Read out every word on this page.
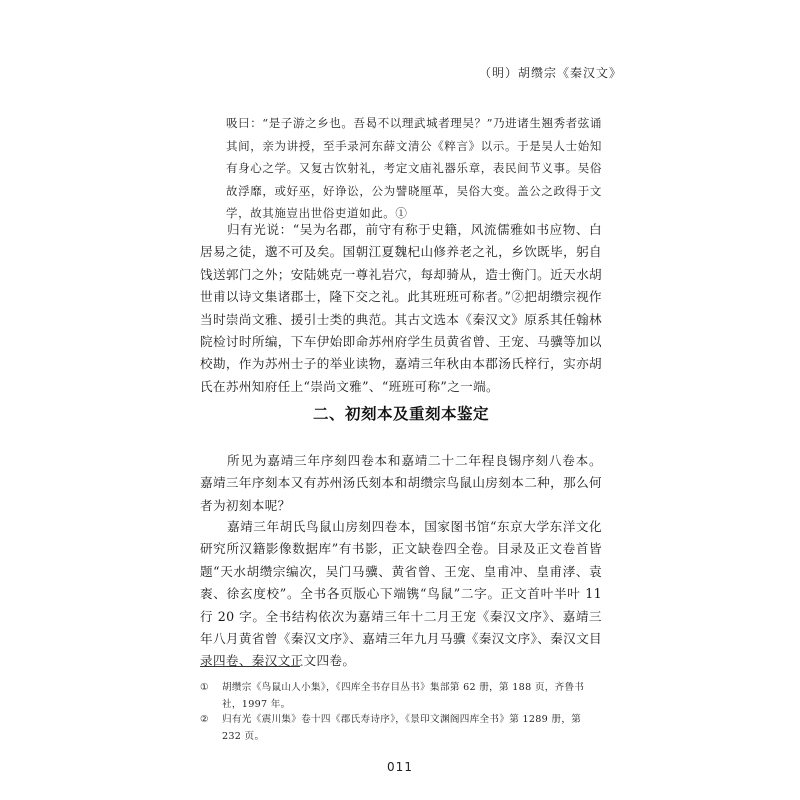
（明）胡缵宗《秦汉文》

吸曰：“是子游之乡也。吾曷不以理武城者理吴？”乃进诸生翘秀者弦诵其间，亲为讲授，至手录河东薛文清公《粹言》以示。于是吴人士始知有身心之学。又复古饮射礼，考定文庙礼器乐章，表民间节义事。吴俗故浮靡，或好巫，好诤讼，公为譬晓厘革，吴俗大变。盖公之政得于文学，故其施豈出世俗吏道如此。①

归有光说：“吴为名郡，前守有称于史籍，风流儒雅如书应物、白居易之徒，邈不可及矣。国朝江夏魏杞山修养老之礼，乡饮既毕，躬自饯送郭门之外；安陆姚克一尊礼岩穴，每却骑从，造士衡门。近天水胡世甫以诗文集诸郡士，隆下交之礼。此其班班可称者。”②把胡缵宗视作当时崇尚文雅、援引士类的典范。其古文选本《秦汉文》原系其任翰林院检讨时所编，下车伊始即命苏州府学生员黄省曾、王宠、马骥等加以校勘，作为苏州士子的举业读物，嘉靖三年秋由本郡汤氏梓行，实亦胡氏在苏州知府任上“崇尚文雅”、“班班可称”之一端。

二、初刻本及重刻本鉴定

所见为嘉靖三年序刻四卷本和嘉靖二十二年程良锡序刻八卷本。嘉靖三年序刻本又有苏州汤氏刻本和胡缵宗鸟鼠山房刻本二种，那么何者为初刻本呢？

嘉靖三年胡氏鸟鼠山房刻四卷本，国家图书馆“东京大学东洋文化研究所汉籍影像数据库”有书影，正文缺卷四全卷。目录及正文卷首皆题“天水胡缵宗编次，吴门马骥、黄省曾、王宠、皇甫冲、皇甫涍、袁袠、徐玄度校”。全书各页版心下端镌“鸟鼠”二字。正文首叶半叶 11 行 20 字。全书结构依次为嘉靖三年十二月王宠《秦汉文序》、嘉靖三年八月黄省曾《秦汉文序》、嘉靖三年九月马骥《秦汉文序》、秦汉文目录四卷、秦汉文正文四卷。

①	胡缵宗《鸟鼠山人小集》，《四库全书存目丛书》集部第 62 册，第 188 页，齐鲁书社，1997 年。
②	归有光《震川集》卷十四《郡氏寿诗序》，《景印文渊阁四库全书》第 1289 册，第 232 页。
011
